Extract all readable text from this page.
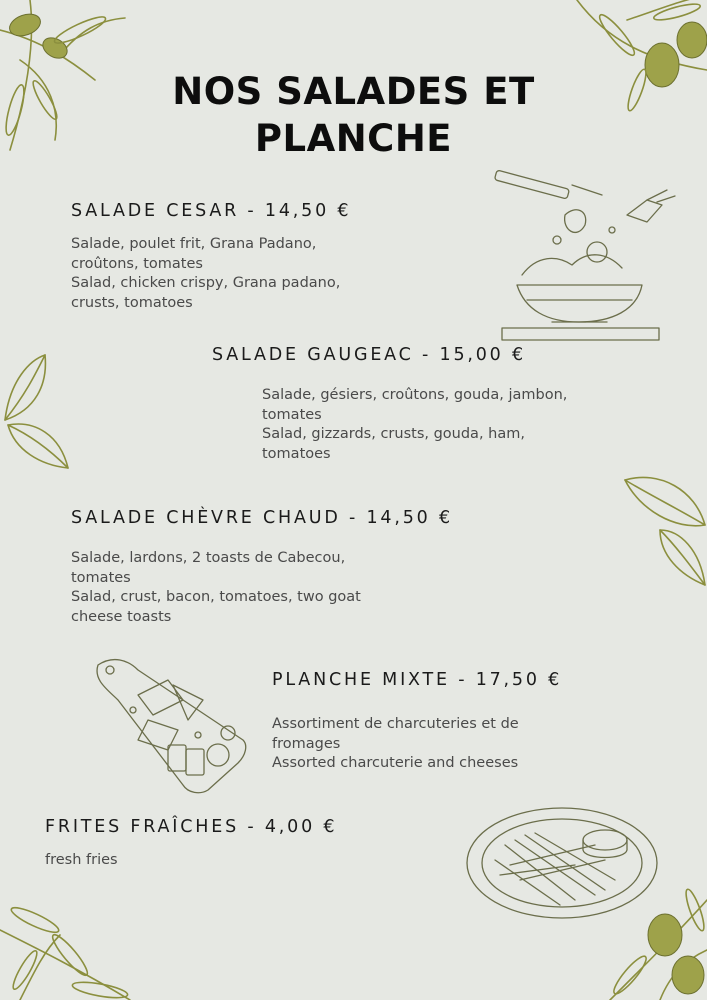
NOS SALADES ET
PLANCHE
SALADE CESAR - 14,50 €
Salade, poulet frit, Grana Padano,
croûtons, tomates
Salad, chicken crispy, Grana padano,
crusts, tomatoes
SALADE GAUGEAC - 15,00 €
Salade, gésiers, croûtons, gouda, jambon,
tomates
Salad, gizzards, crusts, gouda, ham,
tomatoes
SALADE CHÈVRE CHAUD - 14,50 €
Salade, lardons, 2 toasts de Cabecou,
tomates
Salad, crust, bacon, tomatoes, two goat
cheese toasts
PLANCHE MIXTE - 17,50 €
Assortiment de charcuteries et de
fromages
Assorted charcuterie and cheeses
FRITES FRAÎCHES - 4,00 €
fresh fries
